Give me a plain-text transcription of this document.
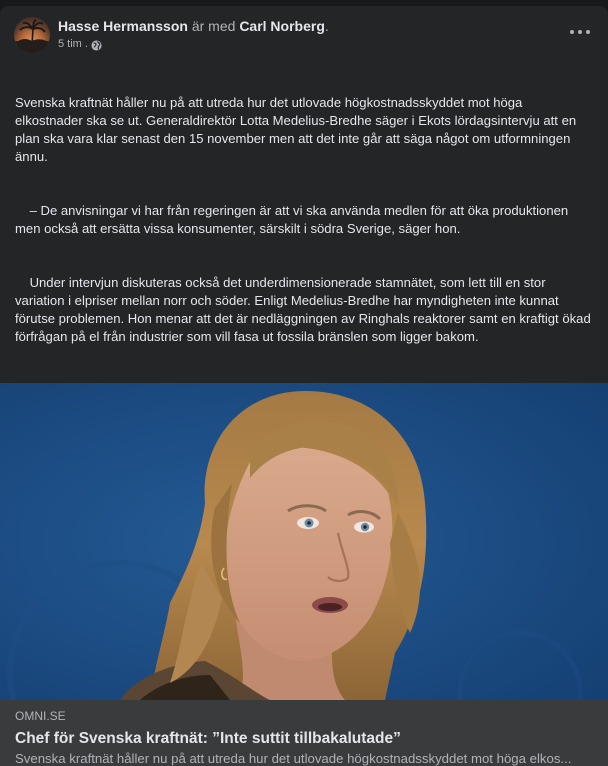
Hasse Hermansson är med Carl Norberg.
5 tim .

Svenska kraftnät håller nu på att utreda hur det utlovade högkostnadsskyddet mot höga elkostnader ska se ut. Generaldirektör Lotta Medelius-Bredhe säger i Ekots lördagsintervju att en plan ska vara klar senast den 15 november men att det inte går att säga något om utformningen ännu.

– De anvisningar vi har från regeringen är att vi ska använda medlen för att öka produktionen men också att ersätta vissa konsumenter, särskilt i södra Sverige, säger hon.

Under intervjun diskuteras också det underdimensionerade stamnätet, som lett till en stor variation i elpriser mellan norr och söder. Enligt Medelius-Bredhe har myndigheten inte kunnat förutse problemen. Hon menar att det är nedläggningen av Ringhals reaktorer samt en kraftigt ökad förfrågan på el från industrier som vill fasa ut fossila bränslen som ligger bakom.

OMNI.SE
Chef för Svenska kraftnät: ”Inte suttit tillbakalutade”
Svenska kraftnät håller nu på att utreda hur det utlovade högkostnadsskyddet mot höga elkos...
